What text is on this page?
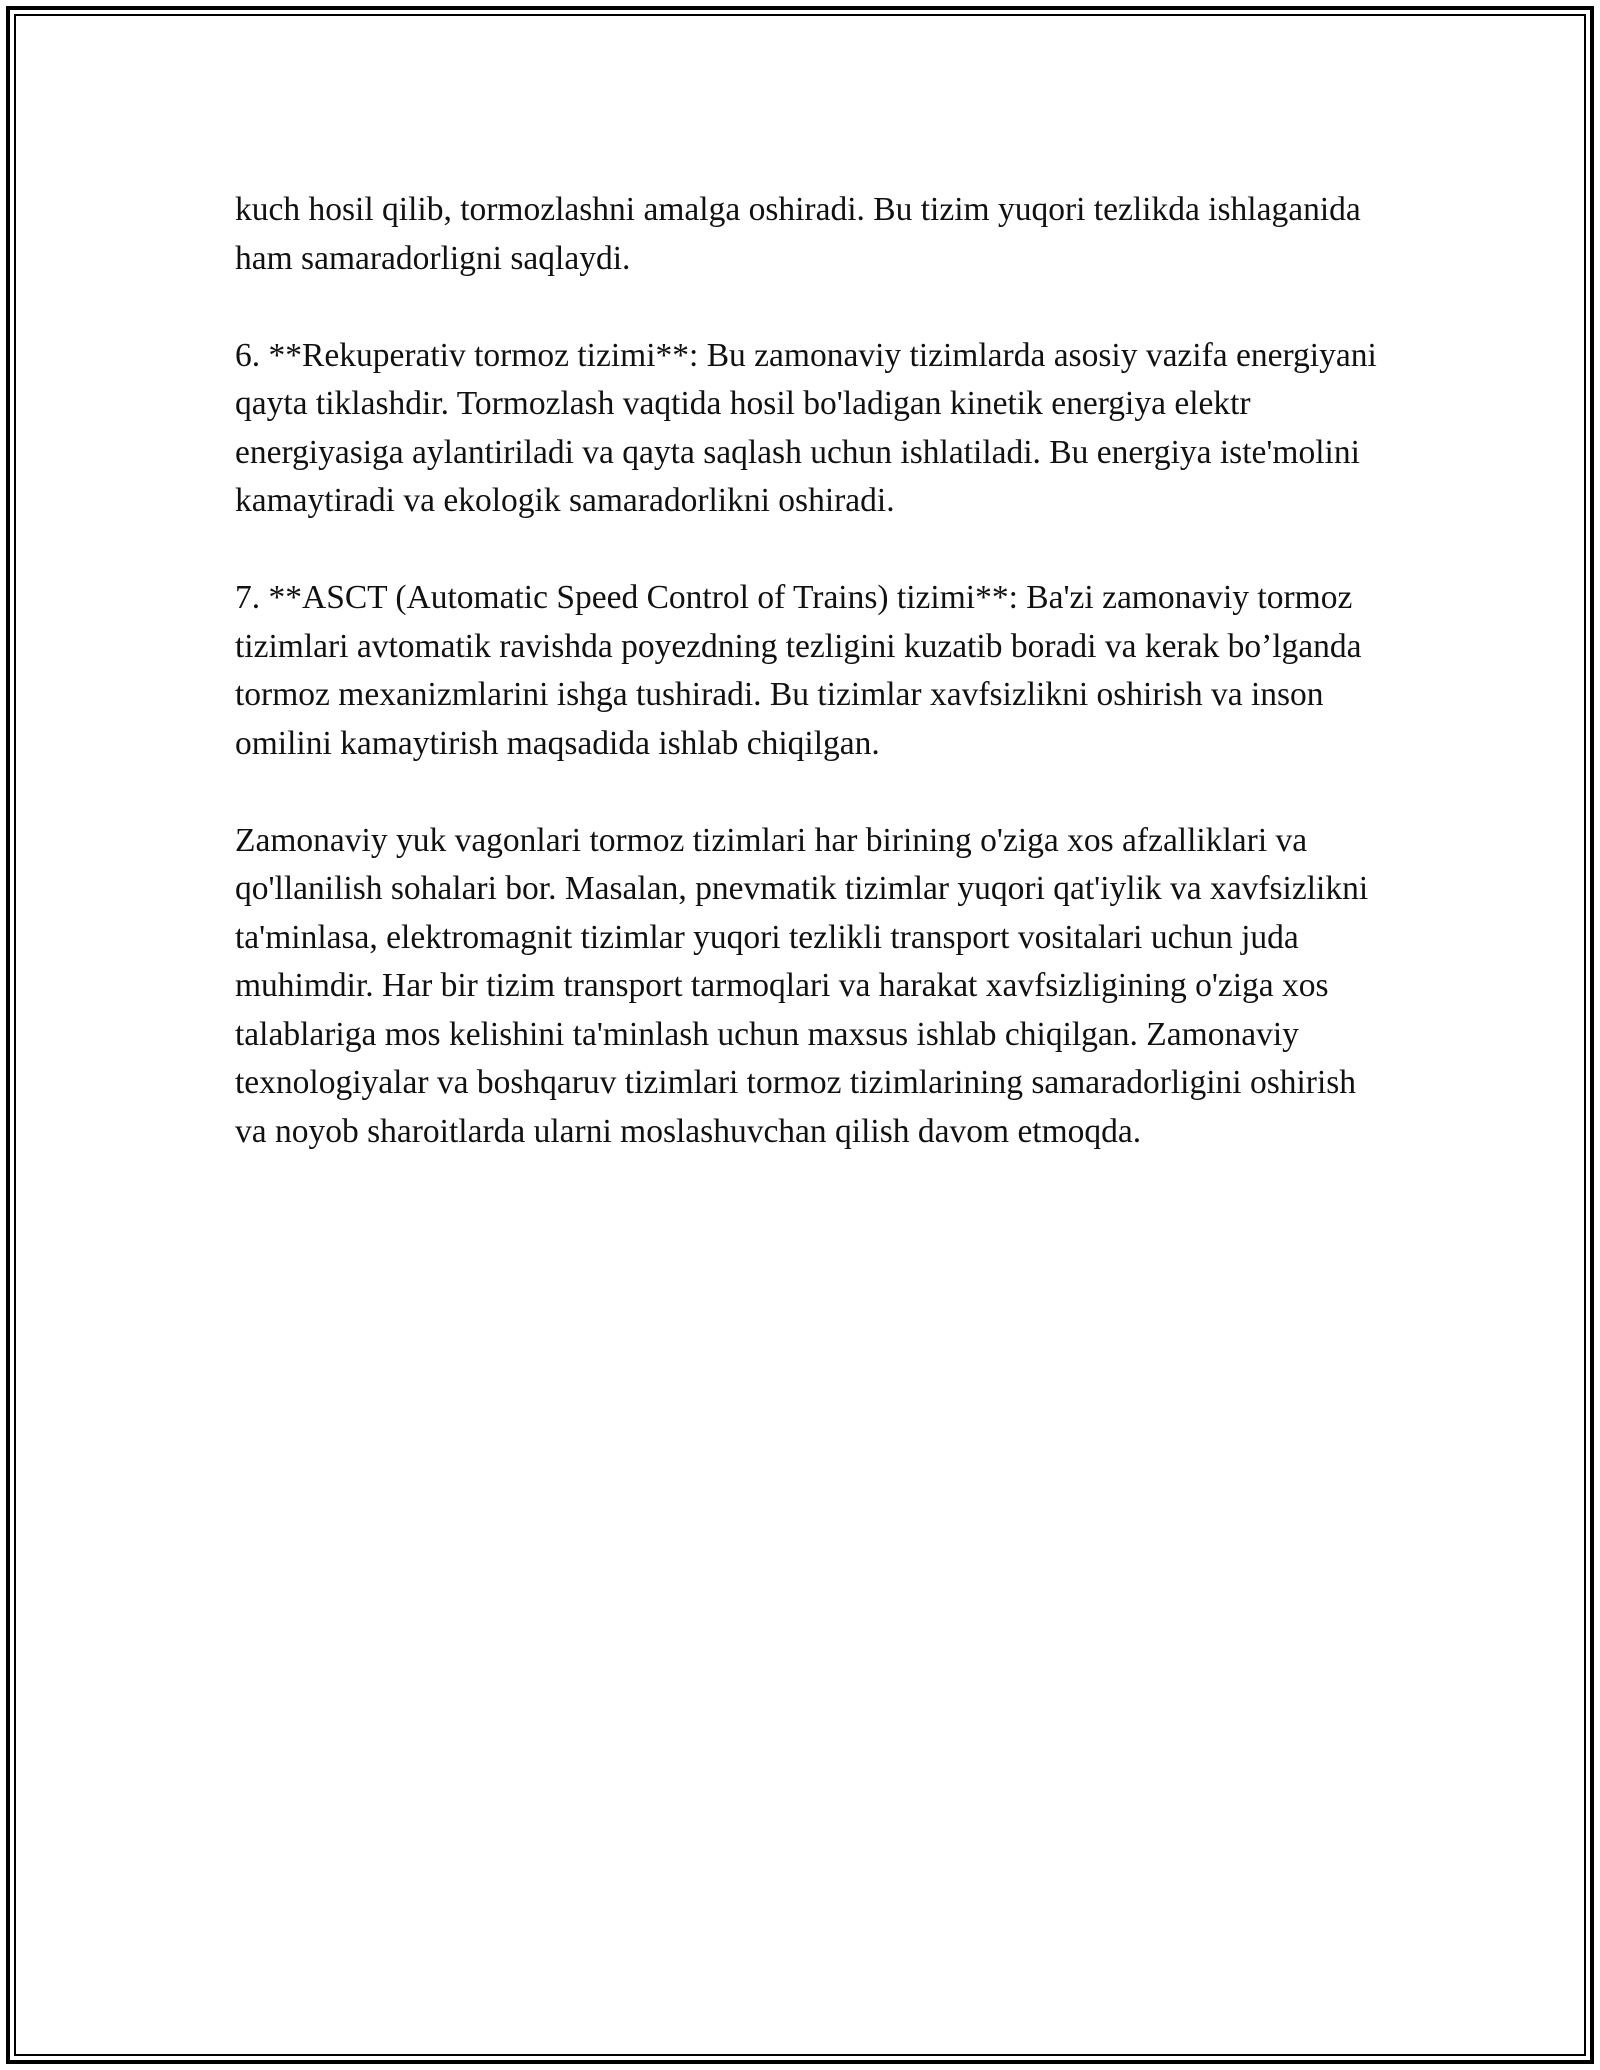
kuch hosil qilib, tormozlashni amalga oshiradi. Bu tizim yuqori tezlikda ishlaganida ham samaradorligni saqlaydi.

6. **Rekuperativ tormoz tizimi**: Bu zamonaviy tizimlarda asosiy vazifa energiyani qayta tiklashdir. Tormozlash vaqtida hosil bo'ladigan kinetik energiya elektr energiyasiga aylantiriladi va qayta saqlash uchun ishlatiladi. Bu energiya iste'molini kamaytiradi va ekologik samaradorlikni oshiradi.

7. **ASCT (Automatic Speed Control of Trains) tizimi**: Ba'zi zamonaviy tormoz tizimlari avtomatik ravishda poyezdning tezligini kuzatib boradi va kerak bo’lganda tormoz mexanizmlarini ishga tushiradi. Bu tizimlar xavfsizlikni oshirish va inson omilini kamaytirish maqsadida ishlab chiqilgan.

Zamonaviy yuk vagonlari tormoz tizimlari har birining o'ziga xos afzalliklari va qo'llanilish sohalari bor. Masalan, pnevmatik tizimlar yuqori qat'iylik va xavfsizlikni ta'minlasa, elektromagnit tizimlar yuqori tezlikli transport vositalari uchun juda muhimdir. Har bir tizim transport tarmoqlari va harakat xavfsizligining o'ziga xos talablariga mos kelishini ta'minlash uchun maxsus ishlab chiqilgan. Zamonaviy texnologiyalar va boshqaruv tizimlari tormoz tizimlarining samaradorligini oshirish va noyob sharoitlarda ularni moslashuvchan qilish davom etmoqda.
